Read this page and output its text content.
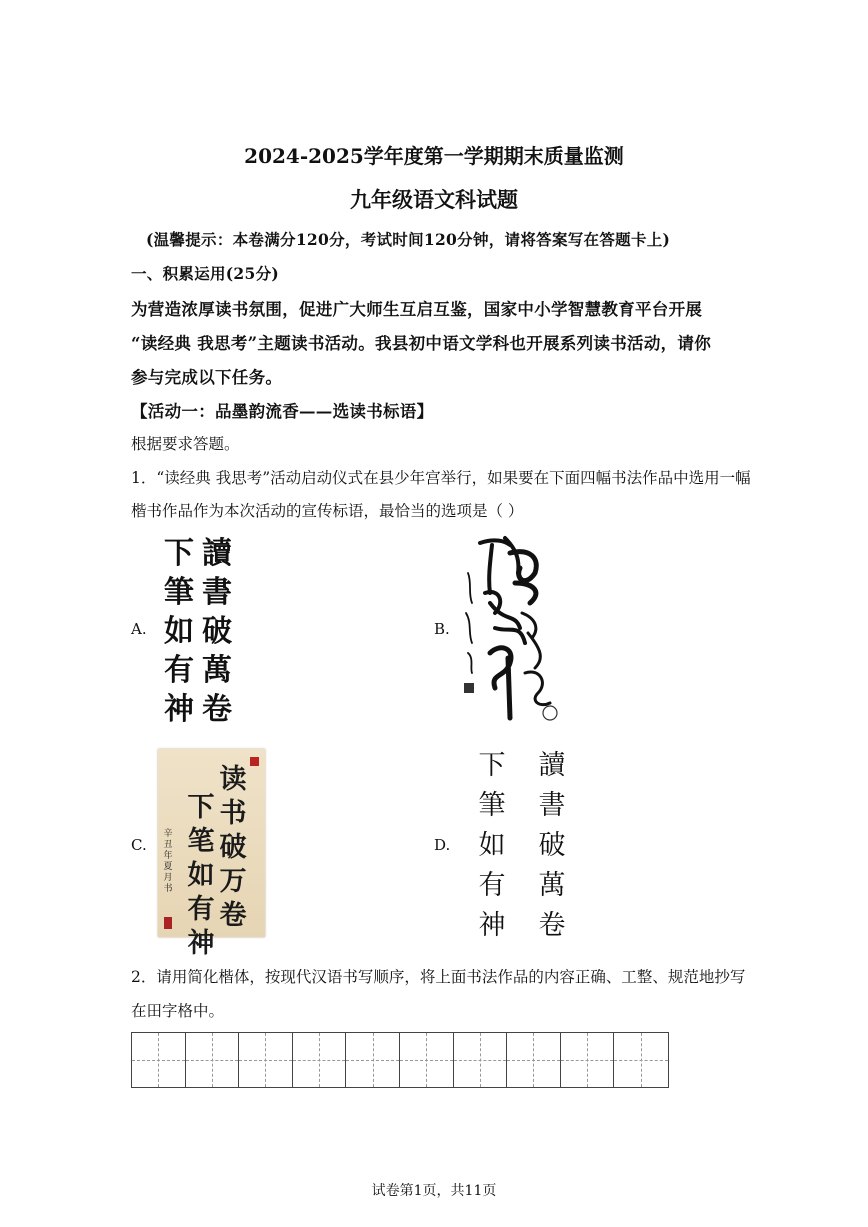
2024-2025学年度第一学期期末质量监测
九年级语文科试题
(温馨提示：本卷满分120分，考试时间120分钟，请将答案写在答题卡上)
一、积累运用(25分)
为营造浓厚读书氛围，促进广大师生互启互鉴，国家中小学智慧教育平台开展
“读经典 我思考”主题读书活动。我县初中语文学科也开展系列读书活动，请你
参与完成以下任务。
【活动一：品墨韵流香——选读书标语】
根据要求答题。
1．“读经典 我思考”活动启动仪式在县少年宫举行，如果要在下面四幅书法作品中选用一幅
楷书作品作为本次活动的宣传标语，最恰当的选项是（ ）
A.
下 讀
筆 書
如 破
有 萬
神 卷
B.
C.
读书破万卷
下笔如有神
辛丑年夏月书
D.
下	讀
筆	書
如	破
有	萬
神	卷
2．请用简化楷体，按现代汉语书写顺序，将上面书法作品的内容正确、工整、规范地抄写
在田字格中。
试卷第1页，共11页
